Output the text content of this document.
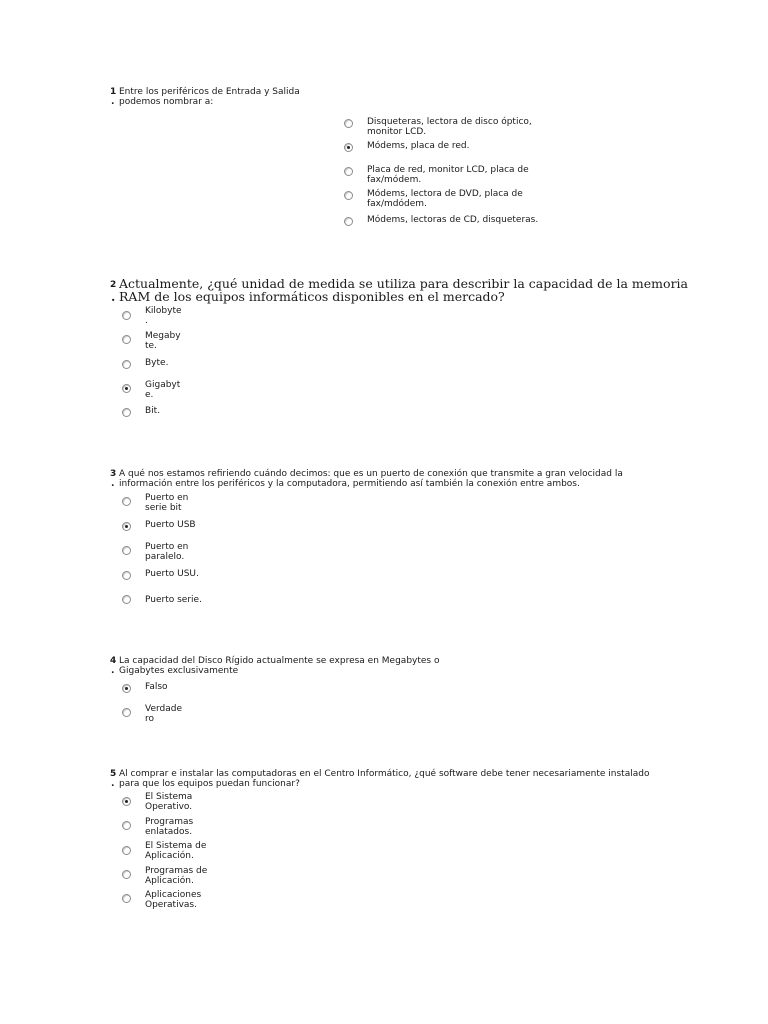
1
.
Entre los periféricos de Entrada y Salida
podemos nombrar a:
Disqueteras, lectora de disco óptico,
monitor LCD.
Módems, placa de red.
Placa de red, monitor LCD, placa de
fax/módem.
Módems, lectora de DVD, placa de
fax/mdódem.
Módems, lectoras de CD, disqueteras.
2
.
Actualmente, ¿qué unidad de medida se utiliza para describir la capacidad de la memoria
RAM de los equipos informáticos disponibles en el mercado?
Kilobyte
.
Megaby
te.
Byte.
Gigabyt
e.
Bit.
3
.
A qué nos estamos refiriendo cuándo decimos: que es un puerto de conexión que transmite a gran velocidad la
información entre los periféricos y la computadora, permitiendo así también la conexión entre ambos.
Puerto en
serie bit
Puerto USB
Puerto en
paralelo.
Puerto USU.
Puerto serie.
4
.
La capacidad del Disco Rígido actualmente se expresa en Megabytes o
Gigabytes exclusivamente
Falso
Verdade
ro
5
.
Al comprar e instalar las computadoras en el Centro Informático, ¿qué software debe tener necesariamente instalado
para que los equipos puedan funcionar?
El Sistema
Operativo.
Programas
enlatados.
El Sistema de
Aplicación.
Programas de
Aplicación.
Aplicaciones
Operativas.
